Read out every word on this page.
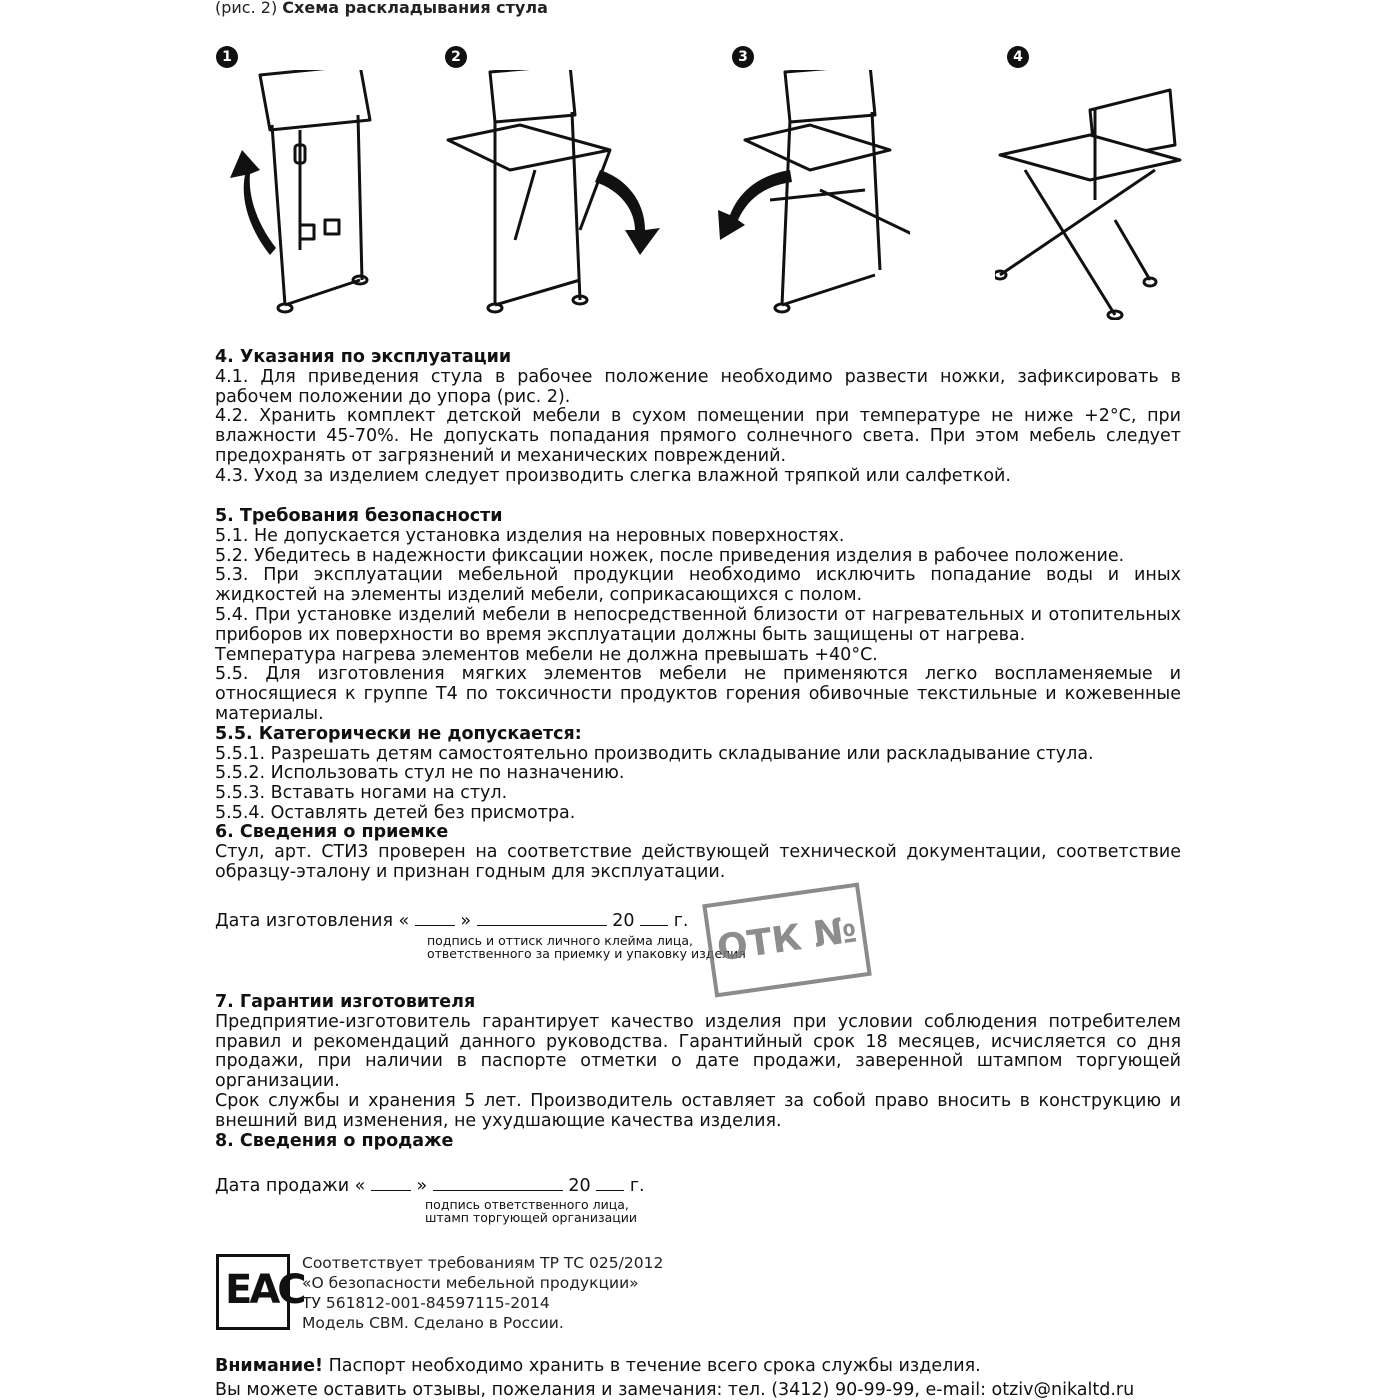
(рис. 2) Схема раскладывания стула
1	2	3	4

4. Указания по эксплуатации

4.1. Для приведения стула в рабочее положение необходимо развести ножки, зафиксировать в рабочем положении до упора (рис. 2).

4.2. Хранить комплект детской мебели в сухом помещении при температуре не ниже +2°С, при влажности 45-70%. Не допускать попадания прямого солнечного света. При этом мебель следует предохранять от загрязнений и механических повреждений.

4.3. Уход за изделием следует производить слегка влажной тряпкой или салфеткой.

5. Требования безопасности

5.1. Не допускается установка изделия на неровных поверхностях.

5.2. Убедитесь в надежности фиксации ножек, после приведения изделия в рабочее положение.

5.3. При эксплуатации мебельной продукции необходимо исключить попадание воды и иных жидкостей на элементы изделий мебели, соприкасающихся с полом.

5.4. При установке изделий мебели в непосредственной близости от нагревательных и отопительных приборов их поверхности во время эксплуатации должны быть защищены от нагрева.

Температура нагрева элементов мебели не должна превышать +40°С.

5.5. Для изготовления мягких элементов мебели не применяются легко воспламеняемые и относящиеся к группе Т4 по токсичности продуктов горения обивочные текстильные и кожевенные материалы.

5.5. Категорически не допускается:

5.5.1. Разрешать детям самостоятельно производить складывание или раскладывание стула.

5.5.2. Использовать стул не по назначению.

5.5.3. Вставать ногами на стул.

5.5.4. Оставлять детей без присмотра.

6. Сведения о приемке

Стул, арт. СТИ3 проверен на соответствие действующей технической документации, соответствие образцу-эталону и признан годным для эксплуатации.

Дата изготовления «	»	20 г.
подпись и оттиск личного клейма лица,
ответственного за приемку и упаковку изделия
ОТК №

7. Гарантии изготовителя

Предприятие-изготовитель гарантирует качество изделия при условии соблюдения потребителем правил и рекомендаций данного руководства. Гарантийный срок 18 месяцев, исчисляется со дня продажи, при наличии в паспорте отметки о дате продажи, заверенной штампом торгующей организации.

Срок службы и хранения 5 лет. Производитель оставляет за собой право вносить в конструкцию и внешний вид изменения, не ухудшающие качества изделия.

8. Сведения о продаже

Дата продажи «	»	20 г.
подпись ответственного лица,
штамп торгующей организации
EAC
Соответствует требованиям ТР ТС 025/2012
«О безопасности мебельной продукции»
ТУ 561812-001-84597115-2014
Модель СВМ. Сделано в России.
Внимание! Паспорт необходимо хранить в течение всего срока службы изделия.
Вы можете оставить отзывы, пожелания и замечания: тел. (3412) 90-99-99, e-mail: otziv@nikaltd.ru
